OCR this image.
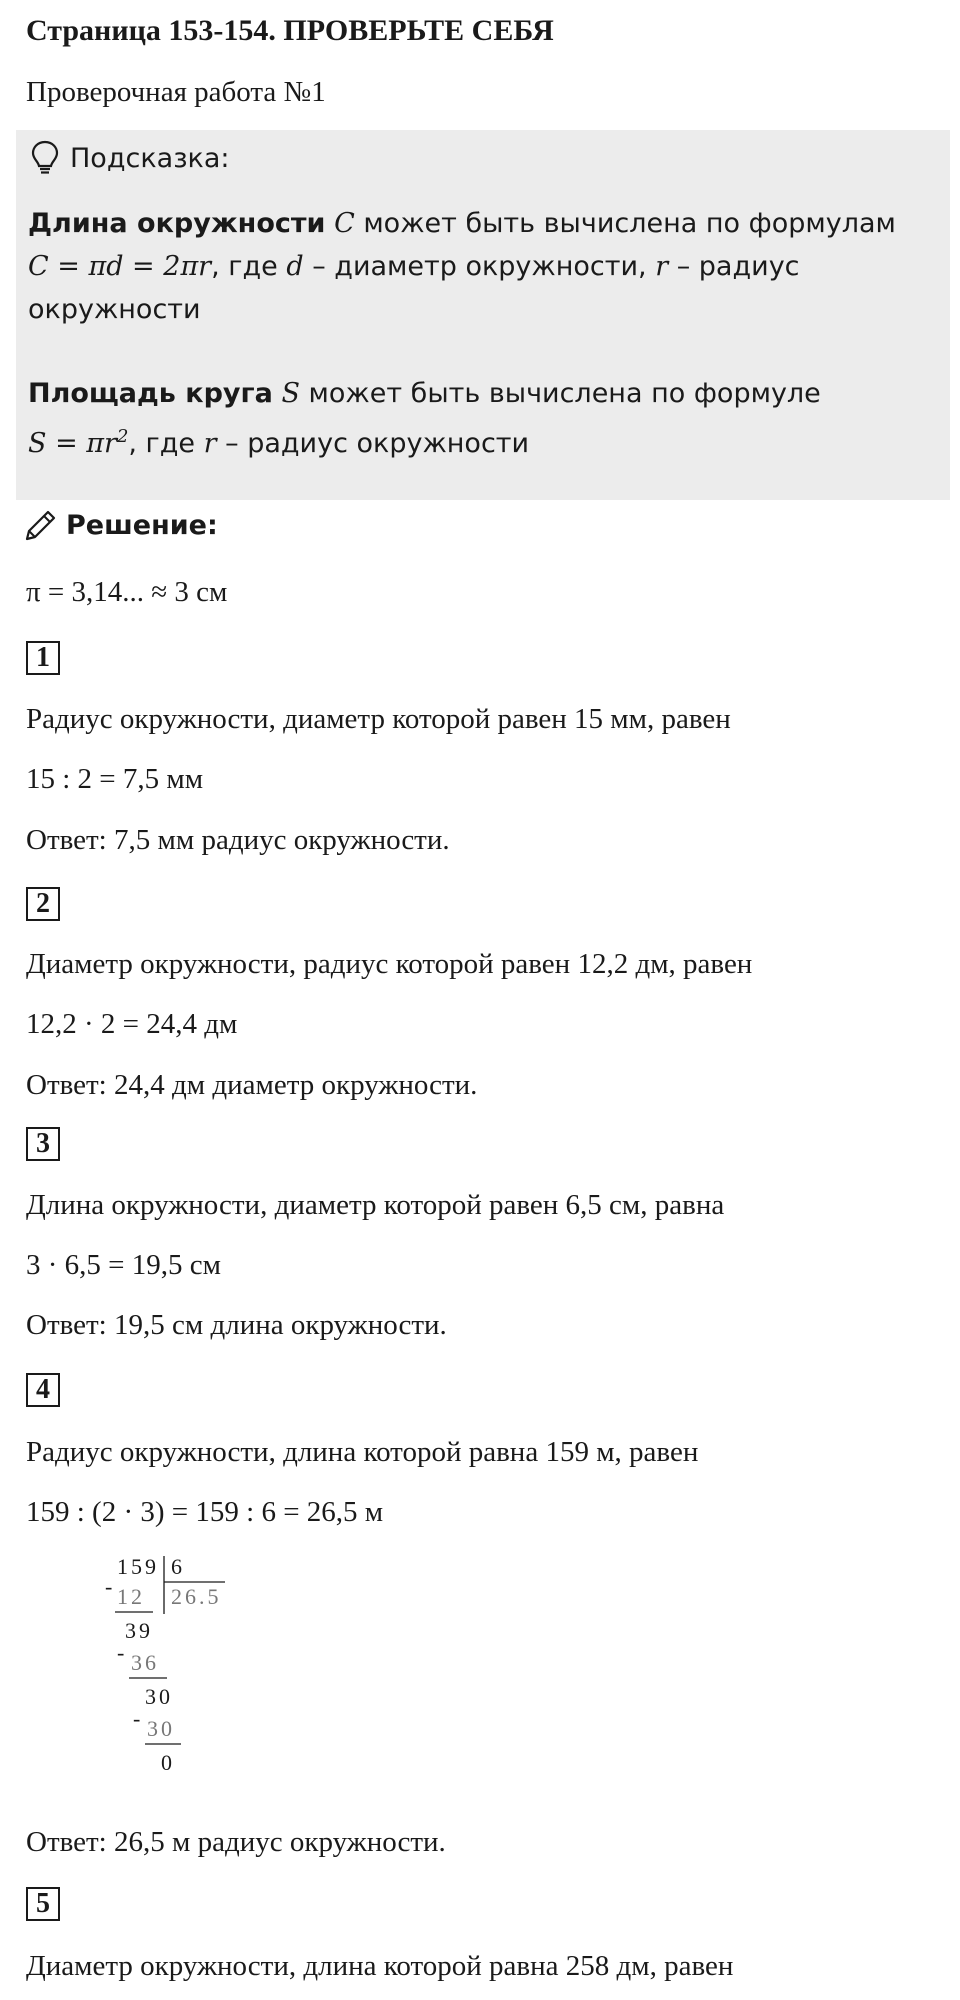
Страница 153-154. ПРОВЕРЬТЕ СЕБЯ
Проверочная работа №1
Подсказка:
Длина окружности C может быть вычислена по формулам
C = πd = 2πr, где d – диаметр окружности, r – радиус
окружности
Площадь круга S может быть вычислена по формуле
$S = \pi r^2$, где r – радиус окружности
Решение:
π = 3,14... ≈ 3 см
1
Радиус окружности, диаметр которой равен 15 мм, равен
15 : 2 = 7,5 мм
Ответ: 7,5 мм радиус окружности.
2
Диаметр окружности, радиус которой равен 12,2 дм, равен
12,2 · 2 = 24,4 дм
Ответ: 24,4 дм диаметр окружности.
3
Длина окружности, диаметр которой равен 6,5 см, равна
3 · 6,5 = 19,5 см
Ответ: 19,5 см длина окружности.
4
Радиус окружности, длина которой равна 159 м, равен
159 : (2 · 3) = 159 : 6 = 26,5 м
159 6
- 12 26.5
39
- 36
30
- 30
0
Ответ: 26,5 м радиус окружности.
5
Диаметр окружности, длина которой равна 258 дм, равен
